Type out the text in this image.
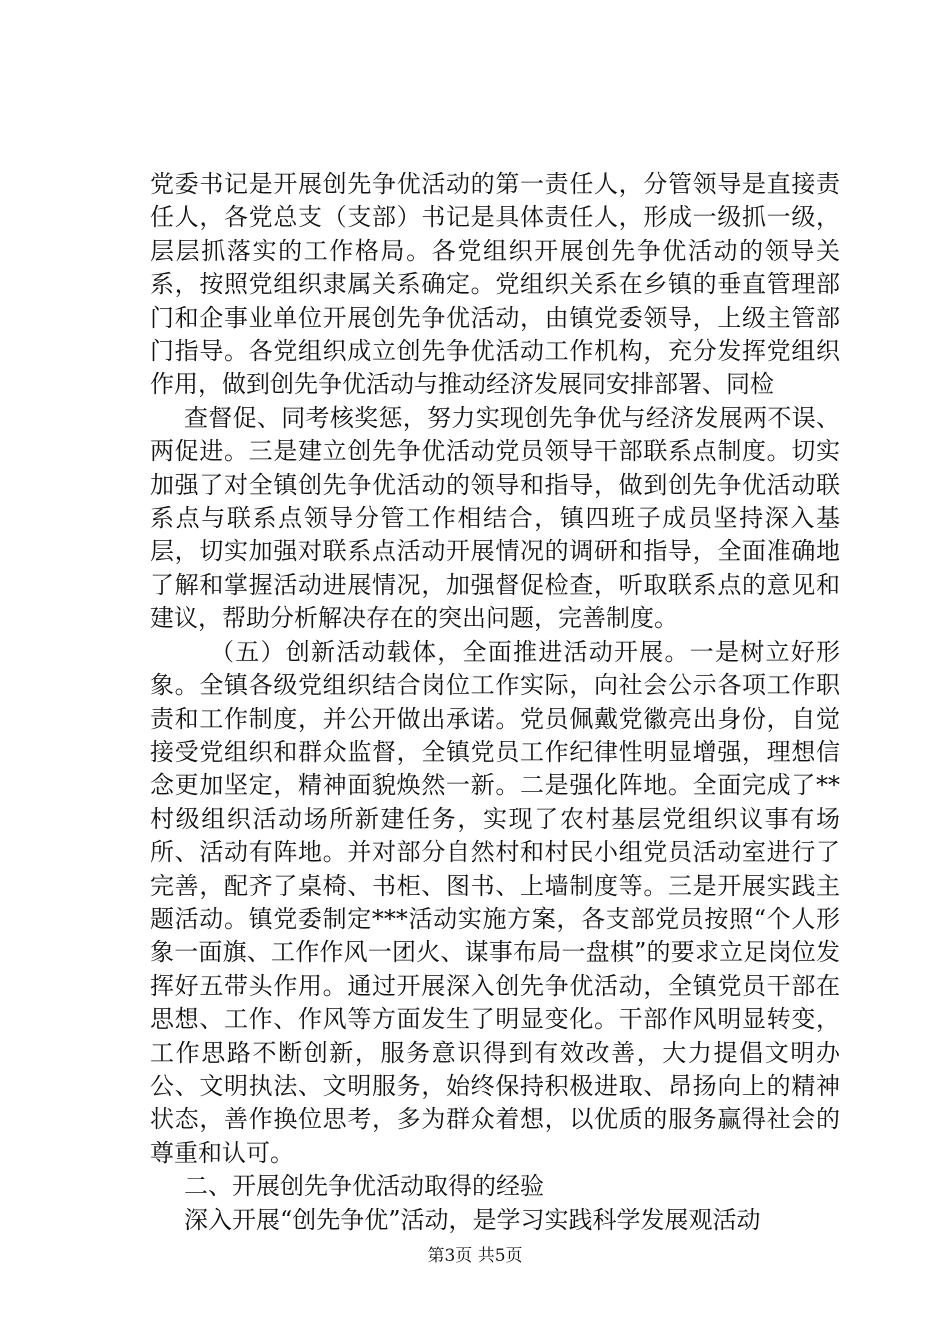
党委书记是开展创先争优活动的第一责任人，分管领导是直接责任人，各党总支（支部）书记是具体责任人，形成一级抓一级，层层抓落实的工作格局。各党组织开展创先争优活动的领导关系，按照党组织隶属关系确定。党组织关系在乡镇的垂直管理部门和企事业单位开展创先争优活动，由镇党委领导，上级主管部门指导。各党组织成立创先争优活动工作机构，充分发挥党组织作用，做到创先争优活动与推动经济发展同安排部署、同检

查督促、同考核奖惩，努力实现创先争优与经济发展两不误、两促进。三是建立创先争优活动党员领导干部联系点制度。切实加强了对全镇创先争优活动的领导和指导，做到创先争优活动联系点与联系点领导分管工作相结合，镇四班子成员坚持深入基层，切实加强对联系点活动开展情况的调研和指导，全面准确地了解和掌握活动进展情况，加强督促检查，听取联系点的意见和建议，帮助分析解决存在的突出问题，完善制度。

（五）创新活动载体，全面推进活动开展。一是树立好形象。全镇各级党组织结合岗位工作实际，向社会公示各项工作职责和工作制度，并公开做出承诺。党员佩戴党徽亮出身份，自觉接受党组织和群众监督，全镇党员工作纪律性明显增强，理想信念更加坚定，精神面貌焕然一新。二是强化阵地。全面完成了**村级组织活动场所新建任务，实现了农村基层党组织议事有场所、活动有阵地。并对部分自然村和村民小组党员活动室进行了完善，配齐了桌椅、书柜、图书、上墙制度等。三是开展实践主题活动。镇党委制定***活动实施方案，各支部党员按照“个人形象一面旗、工作作风一团火、谋事布局一盘棋”的要求立足岗位发挥好五带头作用。通过开展深入创先争优活动，全镇党员干部在思想、工作、作风等方面发生了明显变化。干部作风明显转变，工作思路不断创新，服务意识得到有效改善，大力提倡文明办公、文明执法、文明服务，始终保持积极进取、昂扬向上的精神状态，善作换位思考，多为群众着想，以优质的服务赢得社会的尊重和认可。

二、开展创先争优活动取得的经验

深入开展“创先争优”活动，是学习实践科学发展观活动

第3页 共5页
